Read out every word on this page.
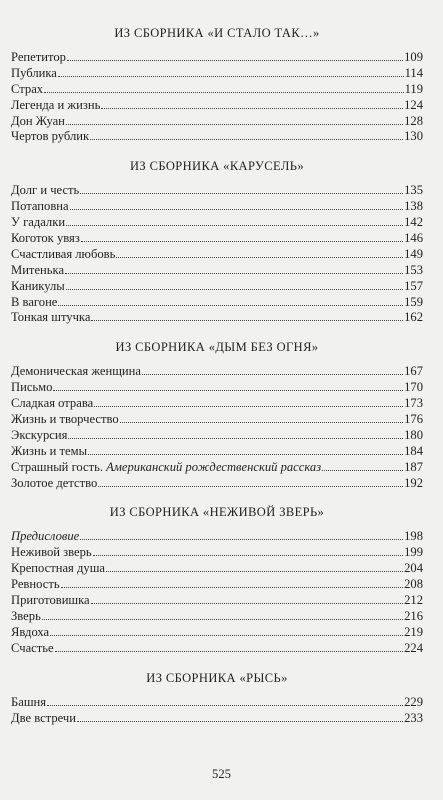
ИЗ СБОРНИКА «И СТАЛО ТАК…»
Репетитор	109
Публика	114
Страх	119
Легенда и жизнь	124
Дон Жуан	128
Чертов рублик	130
ИЗ СБОРНИКА «КАРУСЕЛЬ»
Долг и честь	135
Потаповна	138
У гадалки	142
Коготок увяз	146
Счастливая любовь	149
Митенька	153
Каникулы	157
В вагоне	159
Тонкая штучка	162
ИЗ СБОРНИКА «ДЫМ БЕЗ ОГНЯ»
Демоническая женщина	167
Письмо	170
Сладкая отрава	173
Жизнь и творчество	176
Экскурсия	180
Жизнь и темы	184
Страшный гость. Американский рождественский рассказ	187
Золотое детство	192
ИЗ СБОРНИКА «НЕЖИВОЙ ЗВЕРЬ»
Предисловие	198
Неживой зверь	199
Крепостная душа	204
Ревность	208
Приготовишка	212
Зверь	216
Явдоха	219
Счастье	224
ИЗ СБОРНИКА «РЫСЬ»
Башня	229
Две встречи	233
525
